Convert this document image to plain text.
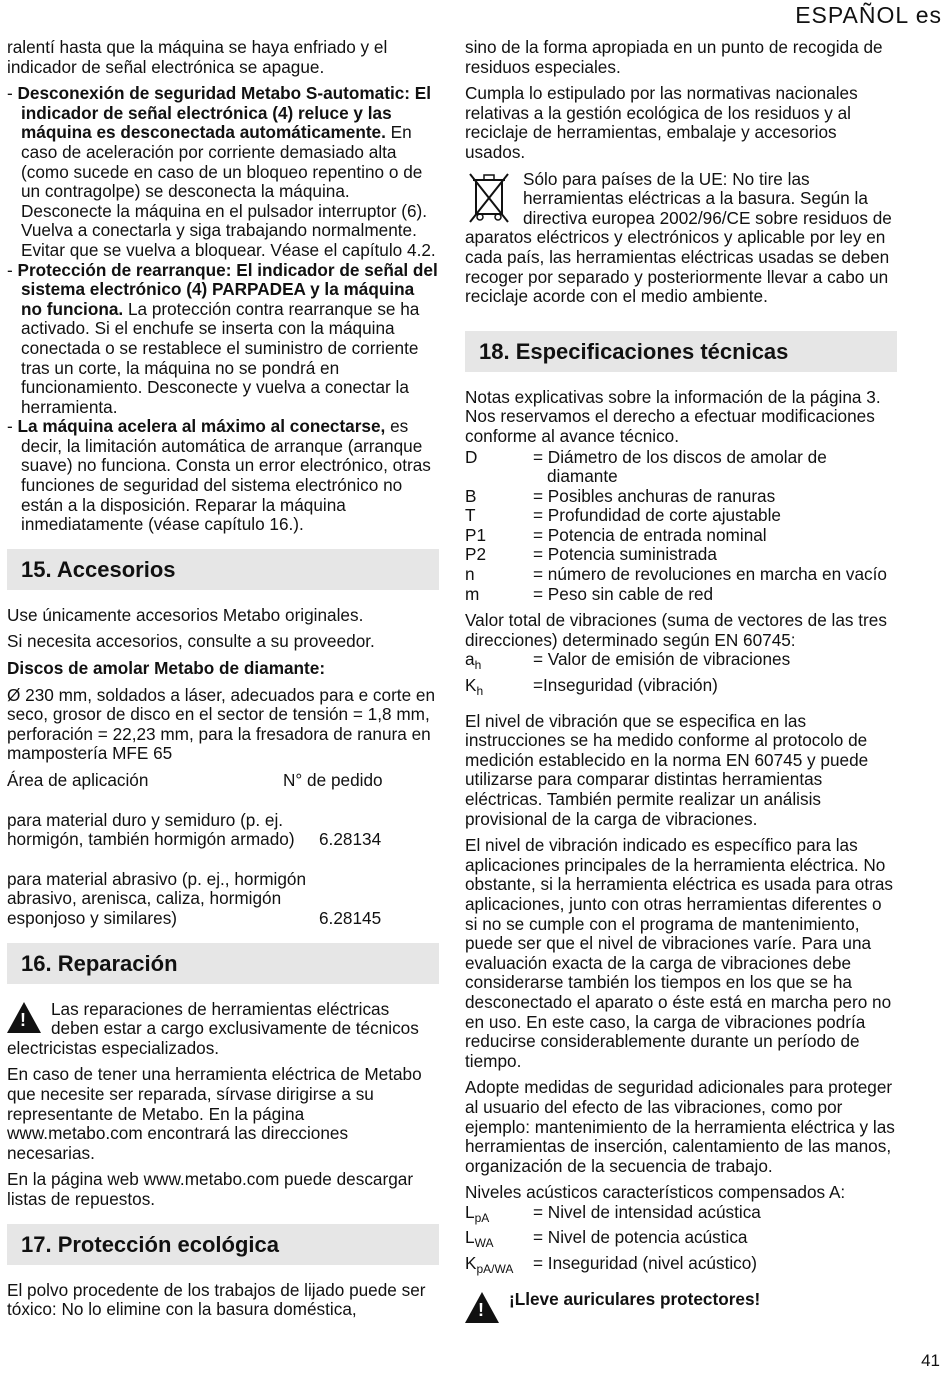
ESPAÑOL es

ralentí hasta que la máquina se haya enfriado y el indicador de señal electrónica se apague.

- Desconexión de seguridad Metabo S-automatic: El indicador de señal electrónica (4) reluce y las máquina es desconectada automáticamente. En caso de aceleración por corriente demasiado alta (como sucede en caso de un bloqueo repentino o de un contragolpe) se desconecta la máquina. Desconecte la máquina en el pulsador interruptor (6). Vuelva a conectarla y siga trabajando normalmente. Evitar que se vuelva a bloquear. Véase el capítulo 4.2.

- Protección de rearranque: El indicador de señal del sistema electrónico (4) PARPADEA y la máquina no funciona. La protección contra rearranque se ha activado. Si el enchufe se inserta con la máquina conectada o se restablece el suministro de corriente tras un corte, la máquina no se pondrá en funcionamiento. Desconecte y vuelva a conectar la herramienta.

- La máquina acelera al máximo al conectarse, es decir, la limitación automática de arranque (arranque suave) no funciona. Consta un error electrónico, otras funciones de seguridad del sistema electrónico no están a la disposición. Reparar la máquina inmediatamente (véase capítulo 16.).

15. Accesorios

Use únicamente accesorios Metabo originales.

Si necesita accesorios, consulte a su proveedor.

Discos de amolar Metabo de diamante:

Ø 230 mm, soldados a láser, adecuados para e corte en seco, grosor de disco en el sector de tensión = 1,8 mm, perforación = 22,23 mm, para la fresadora de ranura en mampostería MFE 65

Área de aplicación	N° de pedido
para material duro y semiduro (p. ej. hormigón, también hormigón armado)	6.28134
para material abrasivo (p. ej., hormigón abrasivo, arenisca, caliza, hormigón esponjoso y similares)	6.28145
16. Reparación

!
Las reparaciones de herramientas eléctricas deben estar a cargo exclusivamente de técnicos electricistas especializados.

En caso de tener una herramienta eléctrica de Metabo que necesite ser reparada, sírvase dirigirse a su representante de Metabo. En la página www.metabo.com encontrará las direcciones necesarias.

En la página web www.metabo.com puede descargar listas de repuestos.

17. Protección ecológica

El polvo procedente de los trabajos de lijado puede ser tóxico: No lo elimine con la basura doméstica,

sino de la forma apropiada en un punto de recogida de residuos especiales.

Cumpla lo estipulado por las normativas nacionales relativas a la gestión ecológica de los residuos y al reciclaje de herramientas, embalaje y accesorios usados.

Sólo para países de la UE: No tire las herramientas eléctricas a la basura. Según la directiva europea 2002/96/CE sobre residuos de aparatos eléctricos y electrónicos y aplicable por ley en cada país, las herramientas eléctricas usadas se deben recoger por separado y posteriormente llevar a cabo un reciclaje acorde con el medio ambiente.

18. Especificaciones técnicas

Notas explicativas sobre la información de la página 3. Nos reservamos el derecho a efectuar modificaciones conforme al avance técnico.

D	= Diámetro de los discos de amolar de diamante
B	= Posibles anchuras de ranuras
T	= Profundidad de corte ajustable
P1	= Potencia de entrada nominal
P2	= Potencia suministrada
n	= número de revoluciones en marcha en vacío
m	= Peso sin cable de red

Valor total de vibraciones (suma de vectores de las tres direcciones) determinado según EN 60745:

$a_h$	= Valor de emisión de vibraciones
$K_h$	=Inseguridad (vibración)

El nivel de vibración que se especifica en las instrucciones se ha medido conforme al protocolo de medición establecido en la norma EN 60745 y puede utilizarse para comparar distintas herramientas eléctricas. También permite realizar un análisis provisional de la carga de vibraciones.

El nivel de vibración indicado es específico para las aplicaciones principales de la herramienta eléctrica. No obstante, si la herramienta eléctrica es usada para otras aplicaciones, junto con otras herramientas diferentes o si no se cumple con el programa de mantenimiento, puede ser que el nivel de vibraciones varíe. Para una evaluación exacta de la carga de vibraciones debe considerarse también los tiempos en los que se ha desconectado el aparato o éste está en marcha pero no en uso. En este caso, la carga de vibraciones podría reducirse considerablemente durante un período de tiempo.

Adopte medidas de seguridad adicionales para proteger al usuario del efecto de las vibraciones, como por ejemplo: mantenimiento de la herramienta eléctrica y las herramientas de inserción, calentamiento de las manos, organización de la secuencia de trabajo.

Niveles acústicos característicos compensados A:

$L_{pA}$	= Nivel de intensidad acústica
$L_{WA}$	= Nivel de potencia acústica
$K_{pA/WA}$	= Inseguridad (nivel acústico)

!
¡Lleve auriculares protectores!

41
